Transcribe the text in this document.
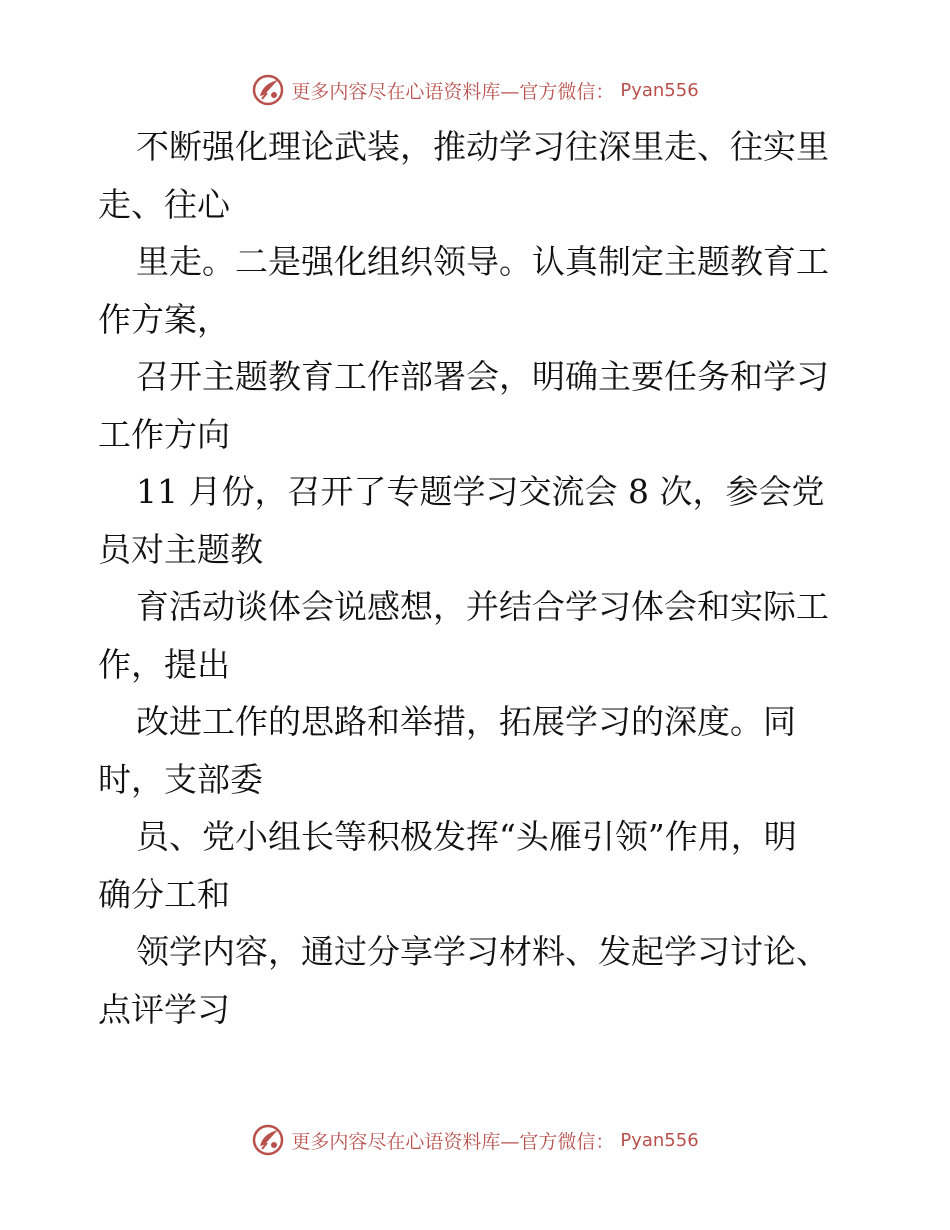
更多内容尽在心语资料库—官方微信： Pyan556
不断强化理论武装，推动学习往深里走、往实里
走、往心
里走。二是强化组织领导。认真制定主题教育工
作方案，
召开主题教育工作部署会，明确主要任务和学习
工作方向
11 月份，召开了专题学习交流会 8 次，参会党
员对主题教
育活动谈体会说感想，并结合学习体会和实际工
作，提出
改进工作的思路和举措，拓展学习的深度。同
时，支部委
员、党小组长等积极发挥“头雁引领”作用，明
确分工和
领学内容，通过分享学习材料、发起学习讨论、
点评学习
更多内容尽在心语资料库—官方微信： Pyan556
